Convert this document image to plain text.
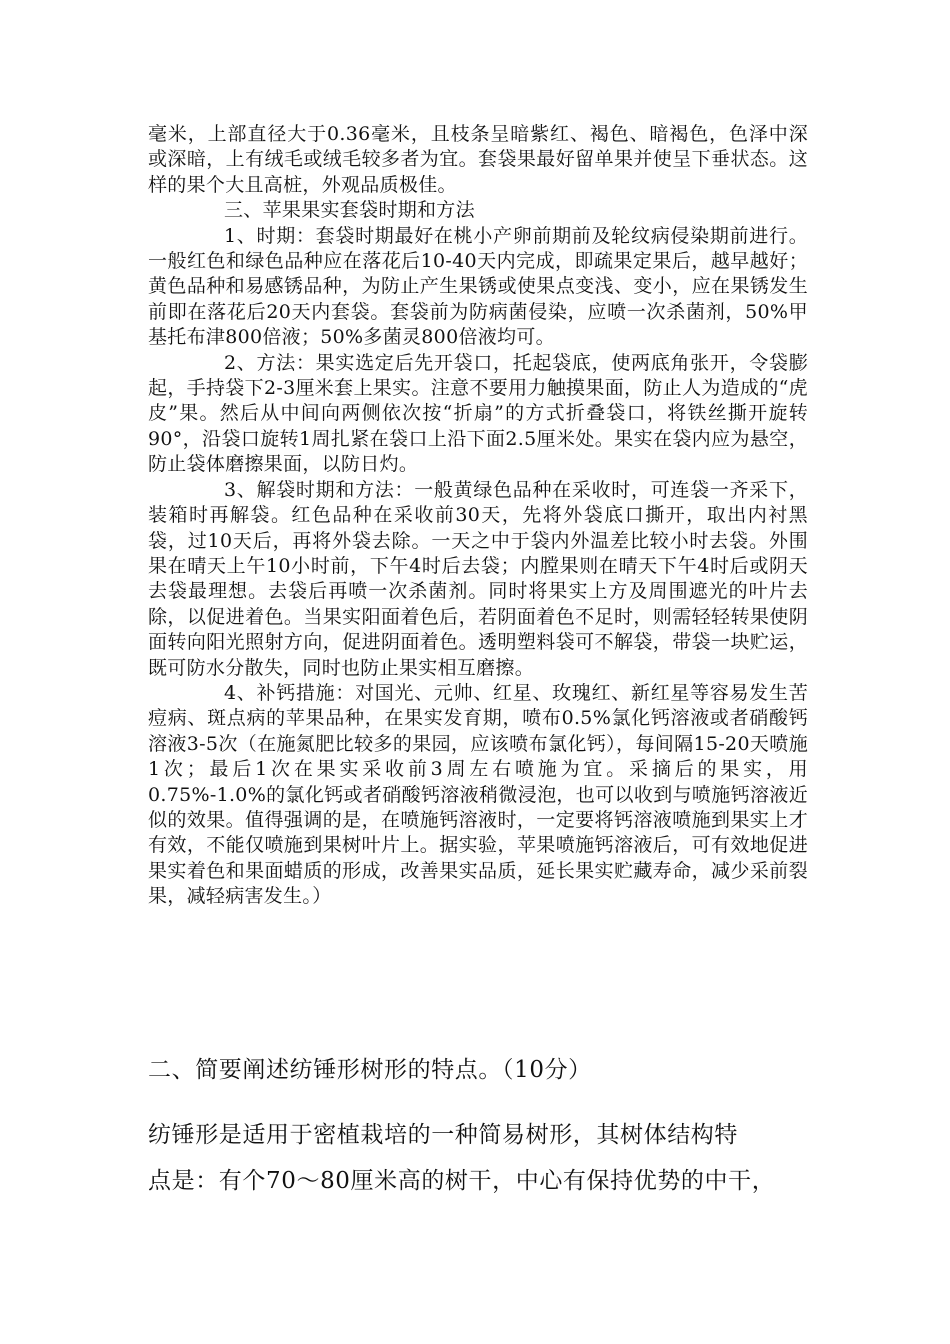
毫米，上部直径大于0.36毫米，且枝条呈暗紫红、褐色、暗褐色，色泽中深或深暗，上有绒毛或绒毛较多者为宜。套袋果最好留单果并使呈下垂状态。这样的果个大且高桩，外观品质极佳。

三、苹果果实套袋时期和方法

1、时期：套袋时期最好在桃小产卵前期前及轮纹病侵染期前进行。一般红色和绿色品种应在落花后10-40天内完成，即疏果定果后，越早越好；黄色品种和易感锈品种，为防止产生果锈或使果点变浅、变小，应在果锈发生前即在落花后20天内套袋。套袋前为防病菌侵染，应喷一次杀菌剂，50%甲基托布津800倍液；50%多菌灵800倍液均可。

2、方法：果实选定后先开袋口，托起袋底，使两底角张开，令袋膨起，手持袋下2-3厘米套上果实。注意不要用力触摸果面，防止人为造成的“虎皮”果。然后从中间向两侧依次按“折扇”的方式折叠袋口，将铁丝撕开旋转90°，沿袋口旋转1周扎紧在袋口上沿下面2.5厘米处。果实在袋内应为悬空，防止袋体磨擦果面，以防日灼。

3、解袋时期和方法：一般黄绿色品种在采收时，可连袋一齐采下，装箱时再解袋。红色品种在采收前30天，先将外袋底口撕开，取出内衬黑袋，过10天后，再将外袋去除。一天之中于袋内外温差比较小时去袋。外围果在晴天上午10小时前，下午4时后去袋；内膛果则在晴天下午4时后或阴天去袋最理想。去袋后再喷一次杀菌剂。同时将果实上方及周围遮光的叶片去除，以促进着色。当果实阳面着色后，若阴面着色不足时，则需轻轻转果使阴面转向阳光照射方向，促进阴面着色。透明塑料袋可不解袋，带袋一块贮运，既可防水分散失，同时也防止果实相互磨擦。

4、补钙措施：对国光、元帅、红星、玫瑰红、新红星等容易发生苦痘病、斑点病的苹果品种，在果实发育期，喷布0.5%氯化钙溶液或者硝酸钙溶液3-5次（在施氮肥比较多的果园，应该喷布氯化钙），每间隔15-20天喷施1次；最后1次在果实采收前3周左右喷施为宜。采摘后的果实，用0.75%-1.0%的氯化钙或者硝酸钙溶液稍微浸泡，也可以收到与喷施钙溶液近似的效果。值得强调的是，在喷施钙溶液时，一定要将钙溶液喷施到果实上才有效，不能仅喷施到果树叶片上。据实验，苹果喷施钙溶液后，可有效地促进果实着色和果面蜡质的形成，改善果实品质，延长果实贮藏寿命，减少采前裂果，减轻病害发生。）

二、简要阐述纺锤形树形的特点。（10分）

纺锤形是适用于密植栽培的一种简易树形，其树体结构特

点是：有个70～80厘米高的树干，中心有保持优势的中干，
